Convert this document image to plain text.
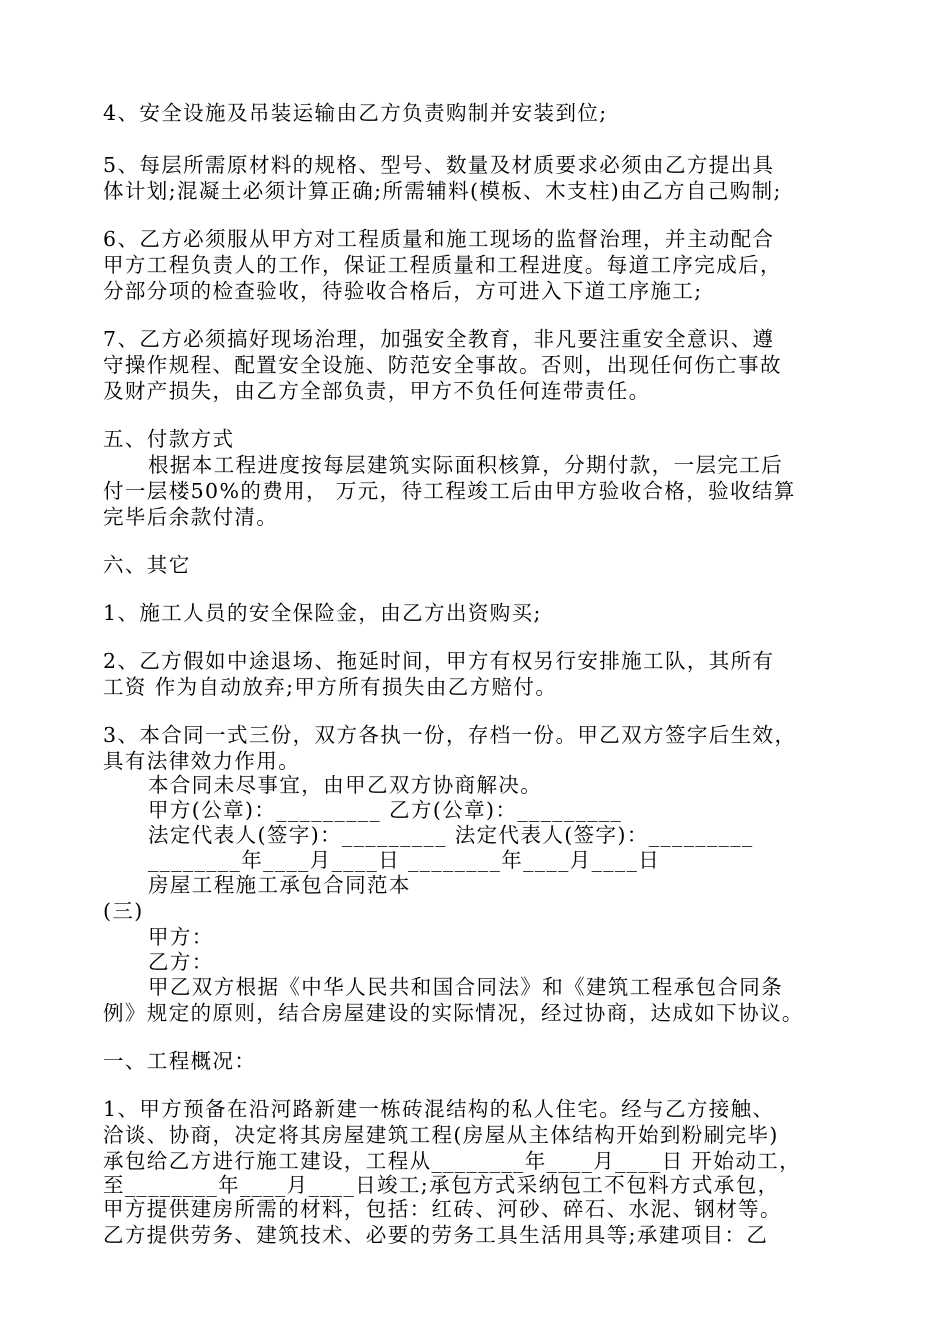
4、安全设施及吊装运输由乙方负责购制并安装到位;
5、每层所需原材料的规格、型号、数量及材质要求必须由乙方提出具
体计划;混凝土必须计算正确;所需辅料(模板、木支柱)由乙方自己购制;
6、乙方必须服从甲方对工程质量和施工现场的监督治理，并主动配合
甲方工程负责人的工作，保证工程质量和工程进度。每道工序完成后，
分部分项的检查验收，待验收合格后，方可进入下道工序施工;
7、乙方必须搞好现场治理，加强安全教育，非凡要注重安全意识、遵
守操作规程、配置安全设施、防范安全事故。否则，出现任何伤亡事故
及财产损失，由乙方全部负责，甲方不负任何连带责任。
五、付款方式
根据本工程进度按每层建筑实际面积核算，分期付款，一层完工后
付一层楼50%的费用， 万元，待工程竣工后由甲方验收合格，验收结算
完毕后余款付清。
六、其它
1、施工人员的安全保险金，由乙方出资购买;
2、乙方假如中途退场、拖延时间，甲方有权另行安排施工队，其所有
工资 作为自动放弃;甲方所有损失由乙方赔付。
3、本合同一式三份，双方各执一份，存档一份。甲乙双方签字后生效，
具有法律效力作用。
本合同未尽事宜，由甲乙双方协商解决。
甲方(公章)：_________ 乙方(公章)：_________
法定代表人(签字)：_________ 法定代表人(签字)：_________
________年____月____日 ________年____月____日
房屋工程施工承包合同范本
(三)
甲方：
乙方：
甲乙双方根据《中华人民共和国合同法》和《建筑工程承包合同条
例》规定的原则，结合房屋建设的实际情况，经过协商，达成如下协议。
一、工程概况：
1、甲方预备在沿河路新建一栋砖混结构的私人住宅。经与乙方接触、
洽谈、协商，决定将其房屋建筑工程(房屋从主体结构开始到粉刷完毕)
承包给乙方进行施工建设，工程从________年____月____日 开始动工，
至________年____月____日竣工;承包方式采纳包工不包料方式承包，
甲方提供建房所需的材料，包括：红砖、河砂、碎石、水泥、钢材等。
乙方提供劳务、建筑技术、必要的劳务工具生活用具等;承建项目：乙
